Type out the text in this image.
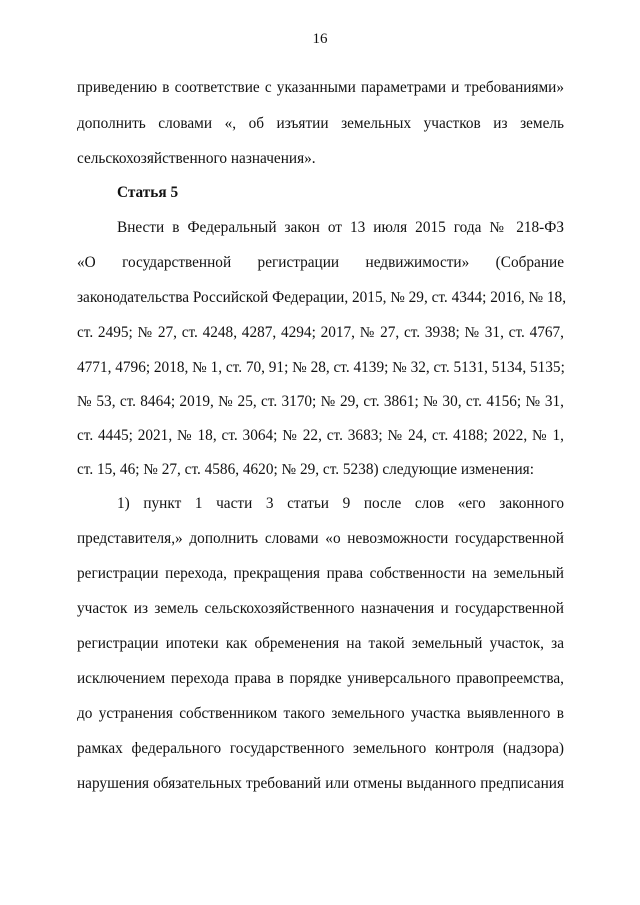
16
приведению в соответствие с указанными параметрами и требованиями»
дополнить словами «, об изъятии земельных участков из земель
сельскохозяйственного назначения».
Статья 5
Внести в Федеральный закон от 13 июля 2015 года № 218-ФЗ
«О государственной регистрации недвижимости» (Собрание
законодательства Российской Федерации, 2015, № 29, ст. 4344; 2016, № 18,
ст. 2495; № 27, ст. 4248, 4287, 4294; 2017, № 27, ст. 3938; № 31, ст. 4767,
4771, 4796; 2018, № 1, ст. 70, 91; № 28, ст. 4139; № 32, ст. 5131, 5134, 5135;
№ 53, ст. 8464; 2019, № 25, ст. 3170; № 29, ст. 3861; № 30, ст. 4156; № 31,
ст. 4445; 2021, № 18, ст. 3064; № 22, ст. 3683; № 24, ст. 4188; 2022, № 1,
ст. 15, 46; № 27, ст. 4586, 4620; № 29, ст. 5238) следующие изменения:
1) пункт 1 части 3 статьи 9 после слов «его законного
представителя,» дополнить словами «о невозможности государственной
регистрации перехода, прекращения права собственности на земельный
участок из земель сельскохозяйственного назначения и государственной
регистрации ипотеки как обременения на такой земельный участок, за
исключением перехода права в порядке универсального правопреемства,
до устранения собственником такого земельного участка выявленного в
рамках федерального государственного земельного контроля (надзора)
нарушения обязательных требований или отмены выданного предписания
